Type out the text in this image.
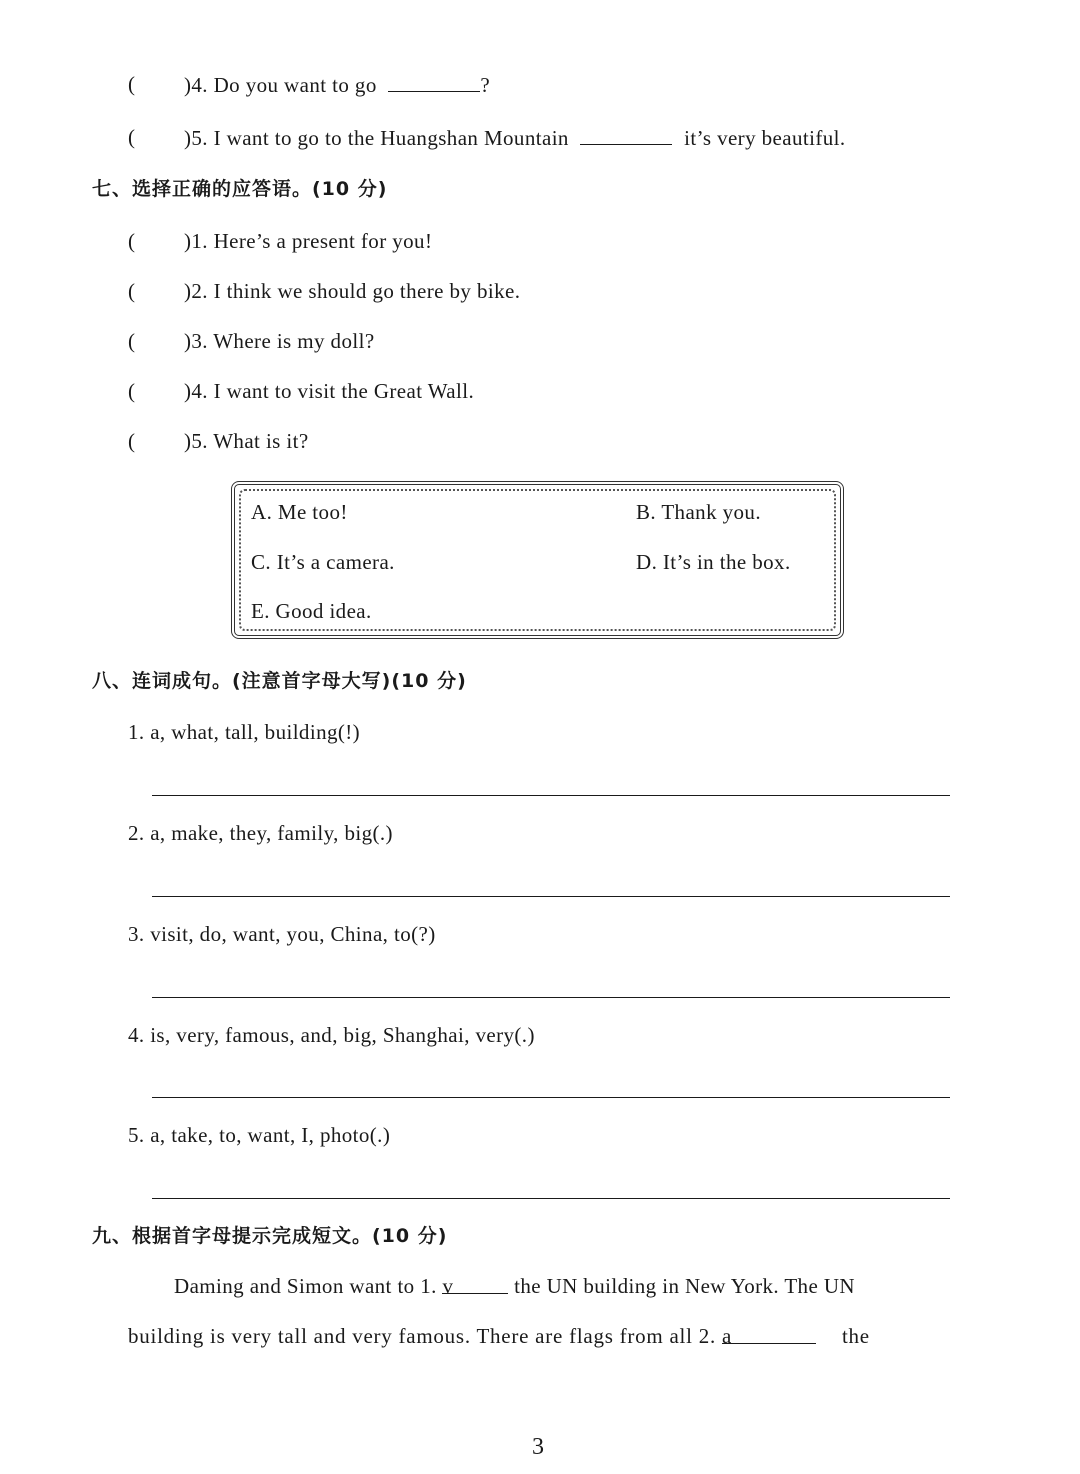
( )4. Do you want to go	?
( )5. I want to go to the Huangshan Mountain	it’s very beautiful.
七、选择正确的应答语。(10 分)
( )1. Here’s a present for you!
( )2. I think we should go there by bike.
( )3. Where is my doll?
( )4. I want to visit the Great Wall.
( )5. What is it?
A. Me too!	B. Thank you.
C. It’s a camera.	D. It’s in the box.
E. Good idea.
八、连词成句。(注意首字母大写)(10 分)
1. a, what, tall, building(!)
2. a, make, they, family, big(.)
3. visit, do, want, you, China, to(?)
4. is, very, famous, and, big, Shanghai, very(.)
5. a, take, to, want, I, photo(.)
九、根据首字母提示完成短文。(10 分)
Daming and Simon want to 1. v	the UN building in New York. The UN
building is very tall and very famous. There are flags from all 2. a	the
3
